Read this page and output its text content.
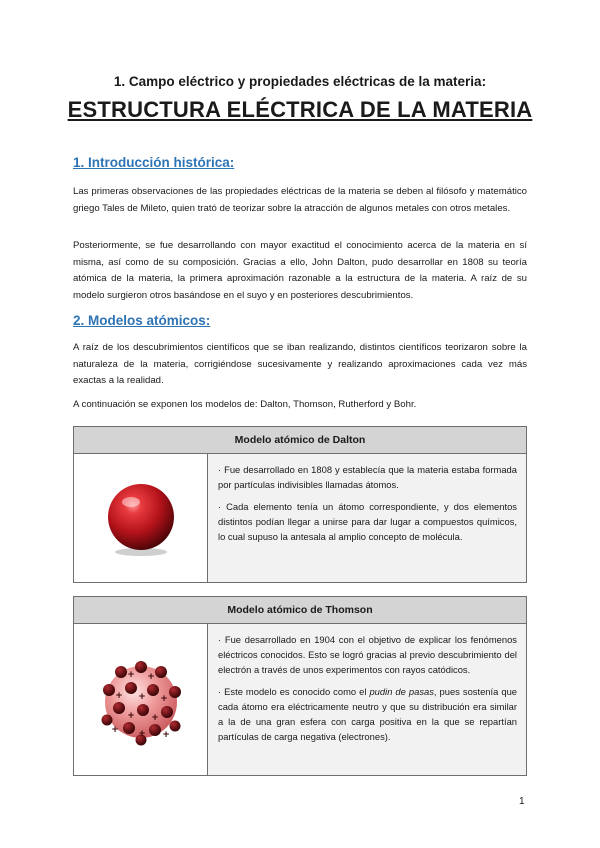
1. Campo eléctrico y propiedades eléctricas de la materia:
ESTRUCTURA ELÉCTRICA DE LA MATERIA
1. Introducción histórica:

Las primeras observaciones de las propiedades eléctricas de la materia se deben al filósofo y matemático griego Tales de Mileto, quien trató de teorizar sobre la atracción de algunos metales con otros metales.

Posteriormente, se fue desarrollando con mayor exactitud el conocimiento acerca de la materia en sí misma, así como de su composición. Gracias a ello, John Dalton, pudo desarrollar en 1808 su teoría atómica de la materia, la primera aproximación razonable a la estructura de la materia. A raíz de su modelo surgieron otros basándose en el suyo y en posteriores descubrimientos.

2. Modelos atómicos:

A raíz de los descubrimientos científicos que se iban realizando, distintos científicos teorizaron sobre la naturaleza de la materia, corrigiéndose sucesivamente y realizando aproximaciones cada vez más exactas a la realidad.

A continuación se exponen los modelos de: Dalton, Thomson, Rutherford y Bohr.

Modelo atómico de Dalton

· Fue desarrollado en 1808 y establecía que la materia estaba formada por partículas indivisibles llamadas átomos.

· Cada elemento tenía un átomo correspondiente, y dos elementos distintos podían llegar a unirse para dar lugar a compuestos químicos, lo cual supuso la antesala al amplio concepto de molécula.

Modelo atómico de Thomson
+ +
+ + +
+ +
+ + +

· Fue desarrollado en 1904 con el objetivo de explicar los fenómenos eléctricos conocidos. Esto se logró gracias al previo descubrimiento del electrón a través de unos experimentos con rayos catódicos.

· Este modelo es conocido como el pudin de pasas, pues sostenía que cada átomo era eléctricamente neutro y que su distribución era similar a la de una gran esfera con carga positiva en la que se repartían partículas de carga negativa (electrones).

1
